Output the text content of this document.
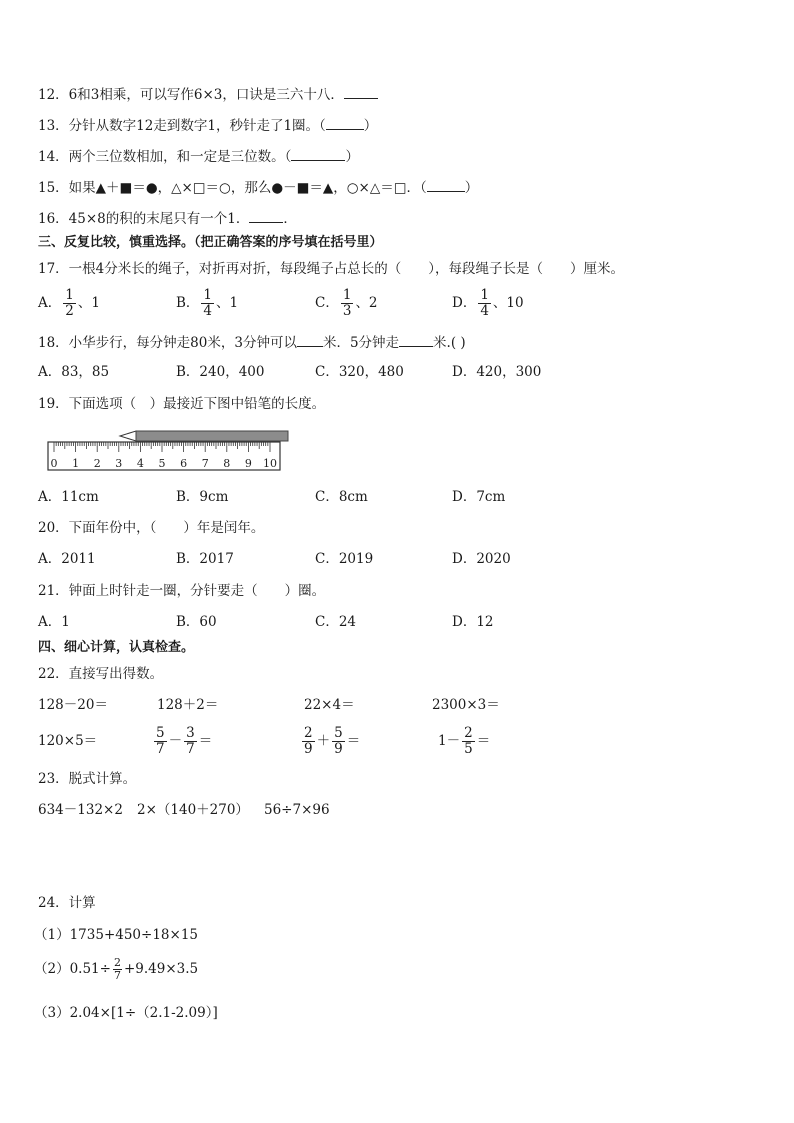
12．6和3相乘，可以写作6×3，口诀是三六十八．
13．分针从数字12走到数字1，秒针走了1圈。（	）
14．两个三位数相加，和一定是三位数。（	）
15．如果▲＋■＝●，△×□＝○，那么●－■＝▲，○×△＝□．（	）
16．45×8的积的末尾只有一个1．	．
三、反复比较，慎重选择。（把正确答案的序号填在括号里）
17．一根4分米长的绳子，对折再对折，每段绳子占总长的（　　），每段绳子长是（　　）厘米。
A． $\frac{1}{2}$ 、1	B． $\frac{1}{4}$ 、1	C． $\frac{1}{3}$ 、2	D． $\frac{1}{4}$ 、10
18．小华步行，每分钟走80米，3分钟可以 米．5分钟走	米.( )
A．83，85	B．240，400	C．320，480	D．420，300
19．下面选项（　）最接近下图中铅笔的长度。
0 1 2 3 4 5 6 7 8 9 10
A．11cm	B．9cm	C．8cm	D．7cm
20．下面年份中，（　　）年是闰年。
A．2011	B．2017	C．2019	D．2020
21．钟面上时针走一圈，分针要走（　　）圈。
A．1	B．60	C．24	D．12
四、细心计算，认真检查。
22．直接写出得数。
128－20＝	128＋2＝	22×4＝	2300×3＝
120×5＝	$\frac{5}{7} - \frac{3}{7}$ ＝	$\frac{2}{9} + \frac{5}{9}$ ＝	$1- \frac{2}{5}$ ＝
23．脱式计算。
634－132×2 2×（140＋270） 56÷7×96
24．计算
（1）1735+450÷18×15
$(2)0.51\div \frac{2}{7} +9.49\times 3.5$
（3）2.04×[1÷（2.1-2.09）]
